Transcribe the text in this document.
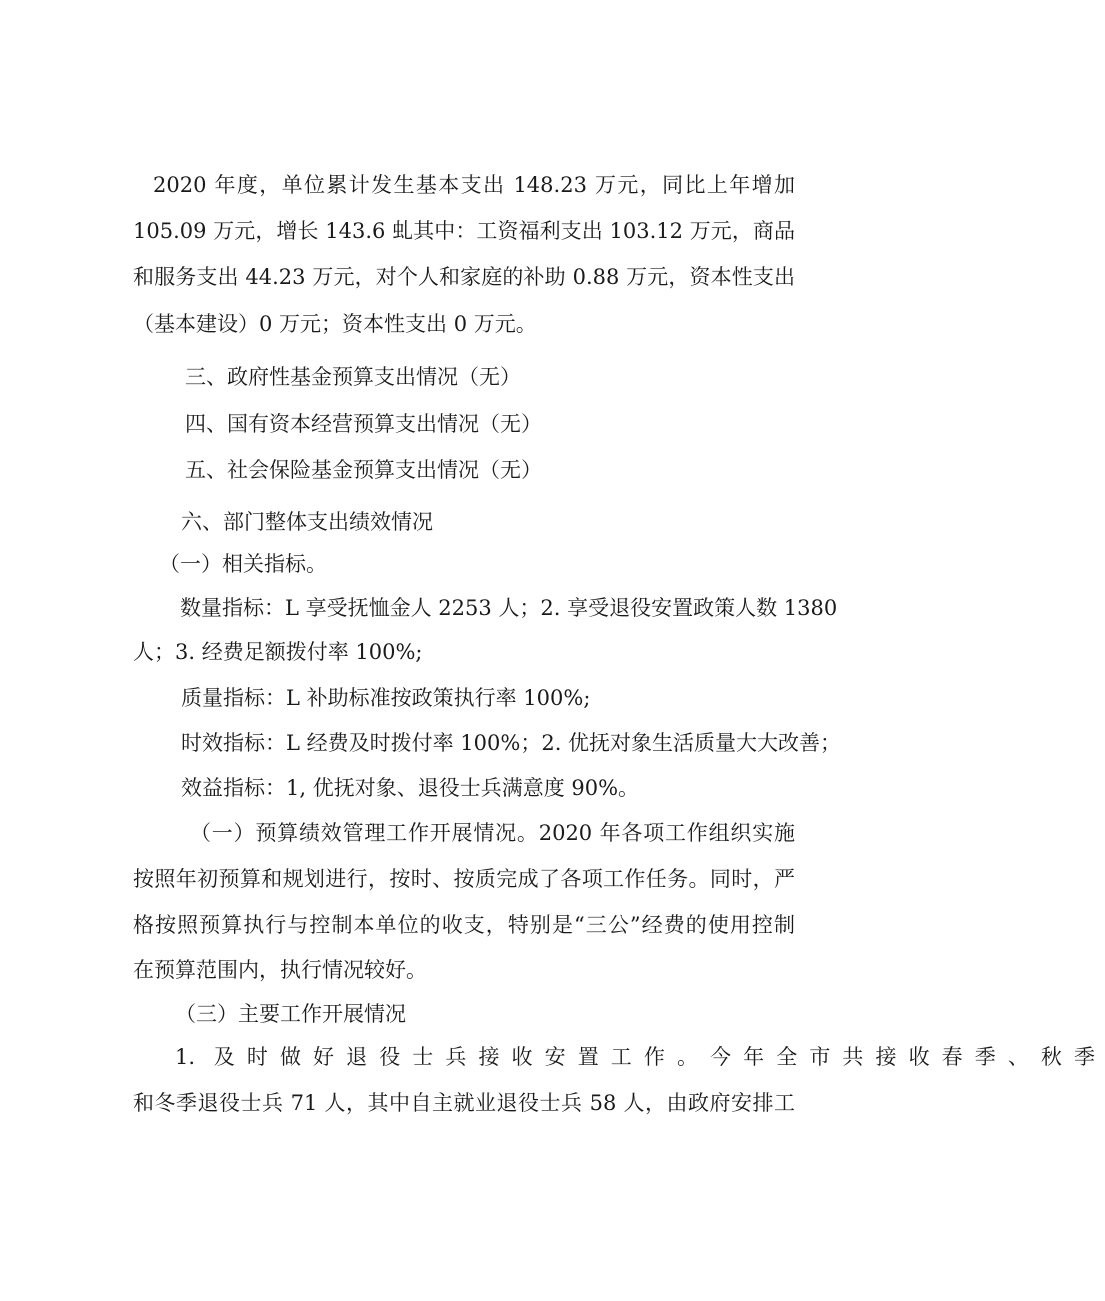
2020 年度，单位累计发生基本支出 148.23 万元，同比上年增加
105.09 万元，增长 143.6 虬其中：工资福利支出 103.12 万元，商品
和服务支出 44.23 万元，对个人和家庭的补助 0.88 万元，资本性支出
（基本建设）0 万元；资本性支出 0 万元。
三、政府性基金预算支出情况（无）
四、国有资本经营预算支出情况（无）
五、社会保险基金预算支出情况（无）
六、部门整体支出绩效情况
（一）相关指标。
数量指标：L 享受抚恤金人 2253 人；2. 享受退役安置政策人数 1380
人；3. 经费足额拨付率 100%;
质量指标：L 补助标准按政策执行率 100%;
时效指标：L 经费及时拨付率 100%；2. 优抚对象生活质量大大改善；
效益指标：1, 优抚对象、退役士兵满意度 90%。
（一）预算绩效管理工作开展情况。2020 年各项工作组织实施
按照年初预算和规划进行，按时、按质完成了各项工作任务。同时，严
格按照预算执行与控制本单位的收支，特别是“三公”经费的使用控制
在预算范围内，执行情况较好。
（三）主要工作开展情况
1. 及时做好退役士兵接收安置工作。今年全市共接收春季、秋季
和冬季退役士兵 71 人，其中自主就业退役士兵 58 人，由政府安排工
